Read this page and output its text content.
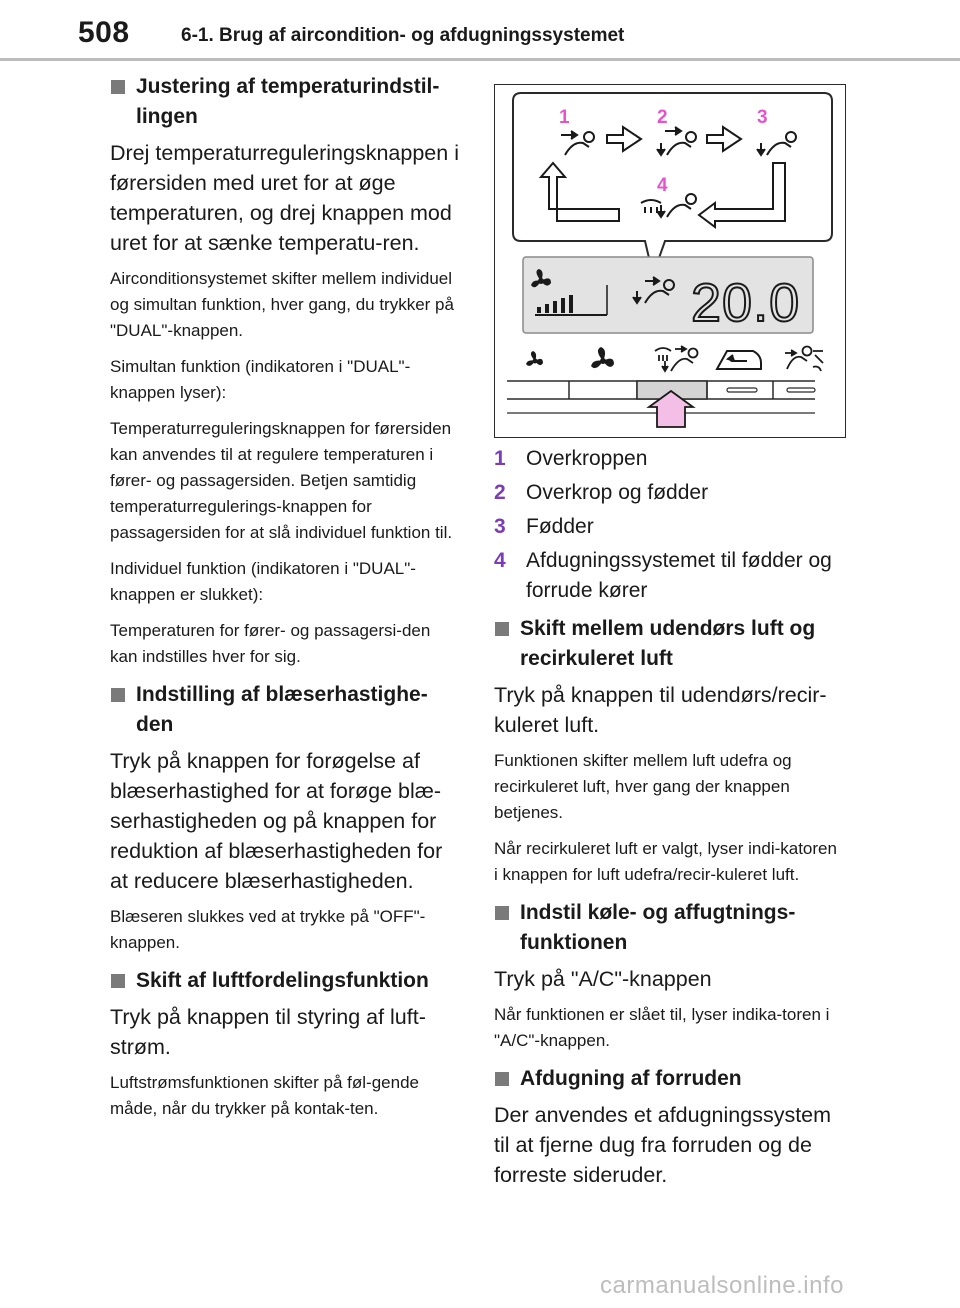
508	6-1. Brug af aircondition- og afdugningssystemet
Justering af temperaturindstil-lingen

Drej temperaturreguleringsknappen i førersiden med uret for at øge temperaturen, og drej knappen mod uret for at sænke temperatu-ren.

Airconditionsystemet skifter mellem individuel og simultan funktion, hver gang, du trykker på "DUAL"-knappen.

Simultan funktion (indikatoren i "DUAL"-knappen lyser):

Temperaturreguleringsknappen for førersiden kan anvendes til at regulere temperaturen i fører- og passagersiden. Betjen samtidig temperaturregulerings-knappen for passagersiden for at slå individuel funktion til.

Individuel funktion (indikatoren i "DUAL"-knappen er slukket):

Temperaturen for fører- og passagersi-den kan indstilles hver for sig.

Indstilling af blæserhastighe-den

Tryk på knappen for forøgelse af blæserhastighed for at forøge blæ-serhastigheden og på knappen for reduktion af blæserhastigheden for at reducere blæserhastigheden.

Blæseren slukkes ved at trykke på "OFF"-knappen.

Skift af luftfordelingsfunktion

Tryk på knappen til styring af luft-strøm.

Luftstrømsfunktionen skifter på føl-gende måde, når du trykker på kontak-ten.

1	2	3
4
20.0
1 Overkroppen
2 Overkrop og fødder
3 Fødder
4 Afdugningssystemet til fødder og forrude kører
Skift mellem udendørs luft og recirkuleret luft

Tryk på knappen til udendørs/recir-kuleret luft.

Funktionen skifter mellem luft udefra og recirkuleret luft, hver gang der knappen betjenes.

Når recirkuleret luft er valgt, lyser indi-katoren i knappen for luft udefra/recir-kuleret luft.

Indstil køle- og affugtnings-funktionen

Tryk på "A/C"-knappen

Når funktionen er slået til, lyser indika-toren i "A/C"-knappen.

Afdugning af forruden

Der anvendes et afdugningssystem til at fjerne dug fra forruden og de forreste sideruder.

carmanualsonline.info
